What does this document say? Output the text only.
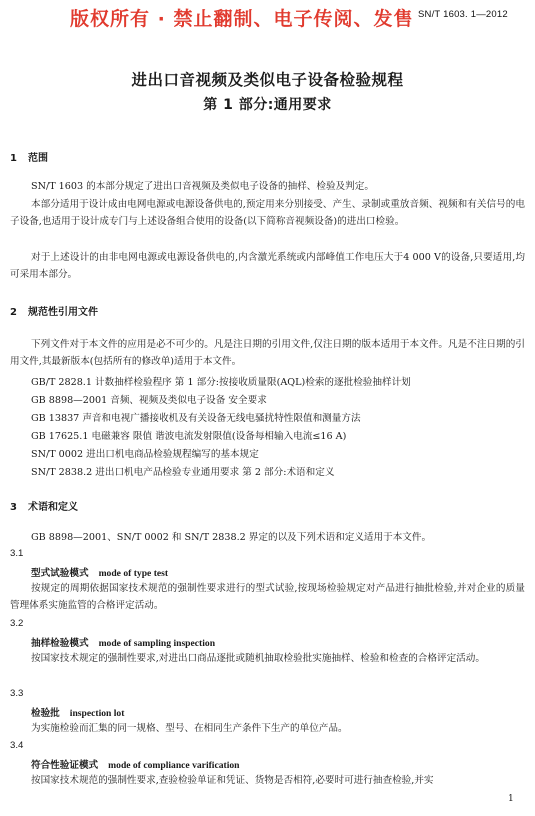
SN/T 1603. 1—2012
版权所有 · 禁止翻制、电子传阅、发售
进出口音视频及类似电子设备检验规程
第 1 部分:通用要求
1 范围
SN/T 1603 的本部分规定了进出口音视频及类似电子设备的抽样、检验及判定。
本部分适用于设计成由电网电源或电源设备供电的,预定用来分别接受、产生、录制或重放音频、视频和有关信号的电子设备,也适用于设计成专门与上述设备组合使用的设备(以下简称音视频设备)的进出口检验。
对于上述设计的由非电网电源或电源设备供电的,内含激光系统或内部峰值工作电压大于4 000 V的设备,只要适用,均可采用本部分。
2 规范性引用文件
下列文件对于本文件的应用是必不可少的。凡是注日期的引用文件,仅注日期的版本适用于本文件。凡是不注日期的引用文件,其最新版本(包括所有的修改单)适用于本文件。
GB/T 2828.1 计数抽样检验程序 第 1 部分:按接收质量限(AQL)检索的逐批检验抽样计划
GB 8898—2001 音频、视频及类似电子设备 安全要求
GB 13837 声音和电视广播接收机及有关设备无线电骚扰特性限值和测量方法
GB 17625.1 电磁兼容 限值 谐波电流发射限值(设备每相输入电流≤16 A)
SN/T 0002 进出口机电商品检验规程编写的基本规定
SN/T 2838.2 进出口机电产品检验专业通用要求 第 2 部分:术语和定义
3 术语和定义
GB 8898—2001、SN/T 0002 和 SN/T 2838.2 界定的以及下列术语和定义适用于本文件。
3.1
型式试验模式 mode of type test
按规定的周期依据国家技术规范的强制性要求进行的型式试验,按现场检验规定对产品进行抽批检验,并对企业的质量管理体系实施监管的合格评定活动。
3.2
抽样检验模式 mode of sampling inspection
按国家技术规定的强制性要求,对进出口商品逐批或随机抽取检验批实施抽样、检验和检查的合格评定活动。
3.3
检验批 inspection lot
为实施检验而汇集的同一规格、型号、在相同生产条件下生产的单位产品。
3.4
符合性验证模式 mode of compliance varification
按国家技术规范的强制性要求,查验检验单证和凭证、货物是否相符,必要时可进行抽查检验,并实
1
